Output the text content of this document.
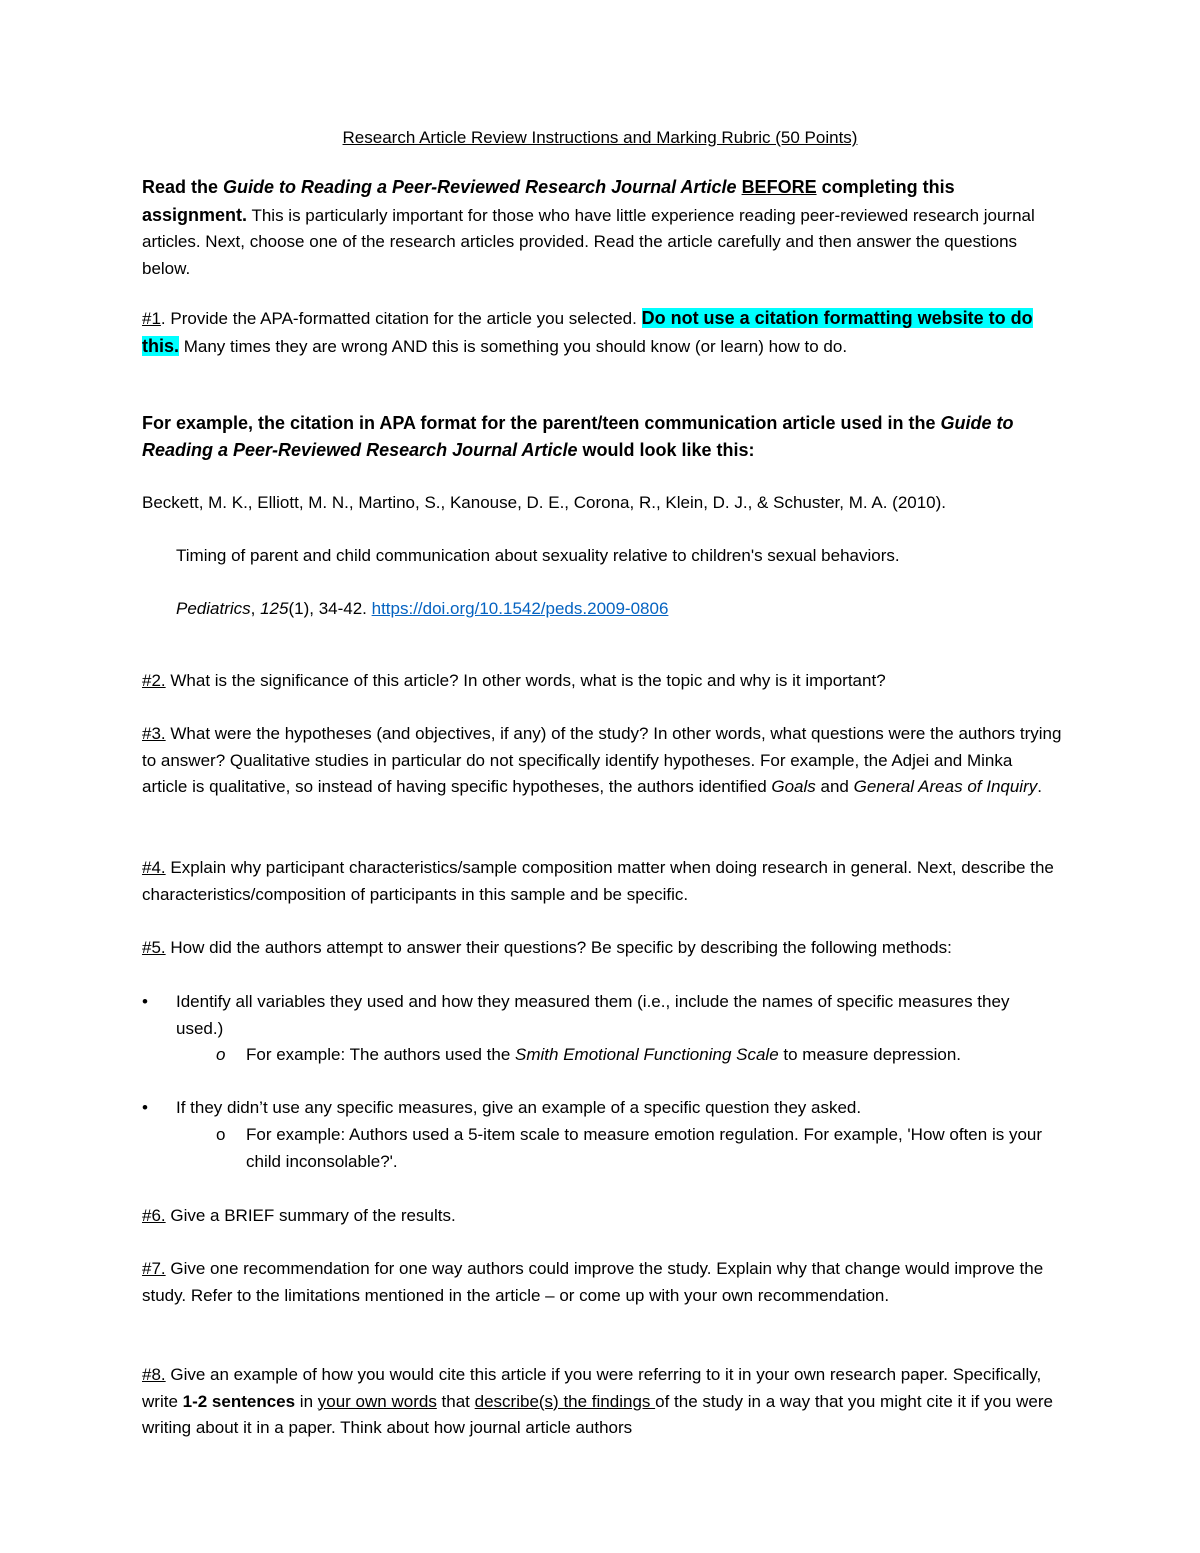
Research Article Review Instructions and Marking Rubric (50 Points)

Read the Guide to Reading a Peer-Reviewed Research Journal Article BEFORE completing this assignment. This is particularly important for those who have little experience reading peer-reviewed research journal articles. Next, choose one of the research articles provided. Read the article carefully and then answer the questions below.

#1. Provide the APA-formatted citation for the article you selected. Do not use a citation formatting website to do this. Many times they are wrong AND this is something you should know (or learn) how to do.

For example, the citation in APA format for the parent/teen communication article used in the Guide to Reading a Peer-Reviewed Research Journal Article would look like this:

Beckett, M. K., Elliott, M. N., Martino, S., Kanouse, D. E., Corona, R., Klein, D. J., & Schuster, M. A. (2010).

Timing of parent and child communication about sexuality relative to children's sexual behaviors.

Pediatrics, 125(1), 34-42. https://doi.org/10.1542/peds.2009-0806

#2. What is the significance of this article? In other words, what is the topic and why is it important?

#3. What were the hypotheses (and objectives, if any) of the study? In other words, what questions were the authors trying to answer? Qualitative studies in particular do not specifically identify hypotheses. For example, the Adjei and Minka article is qualitative, so instead of having specific hypotheses, the authors identified Goals and General Areas of Inquiry.

#4. Explain why participant characteristics/sample composition matter when doing research in general. Next, describe the characteristics/composition of participants in this sample and be specific.

#5. How did the authors attempt to answer their questions? Be specific by describing the following methods:

•	Identify all variables they used and how they measured them (i.e., include the names of specific measures they used.)
o	For example: The authors used the Smith Emotional Functioning Scale to measure depression.
•	If they didn’t use any specific measures, give an example of a specific question they asked.
o	For example: Authors used a 5-item scale to measure emotion regulation. For example, 'How often is your child inconsolable?'.

#6. Give a BRIEF summary of the results.

#7. Give one recommendation for one way authors could improve the study. Explain why that change would improve the study. Refer to the limitations mentioned in the article – or come up with your own recommendation.

#8. Give an example of how you would cite this article if you were referring to it in your own research paper. Specifically, write 1-2 sentences in your own words that describe(s) the findings of the study in a way that you might cite it if you were writing about it in a paper. Think about how journal article authors
